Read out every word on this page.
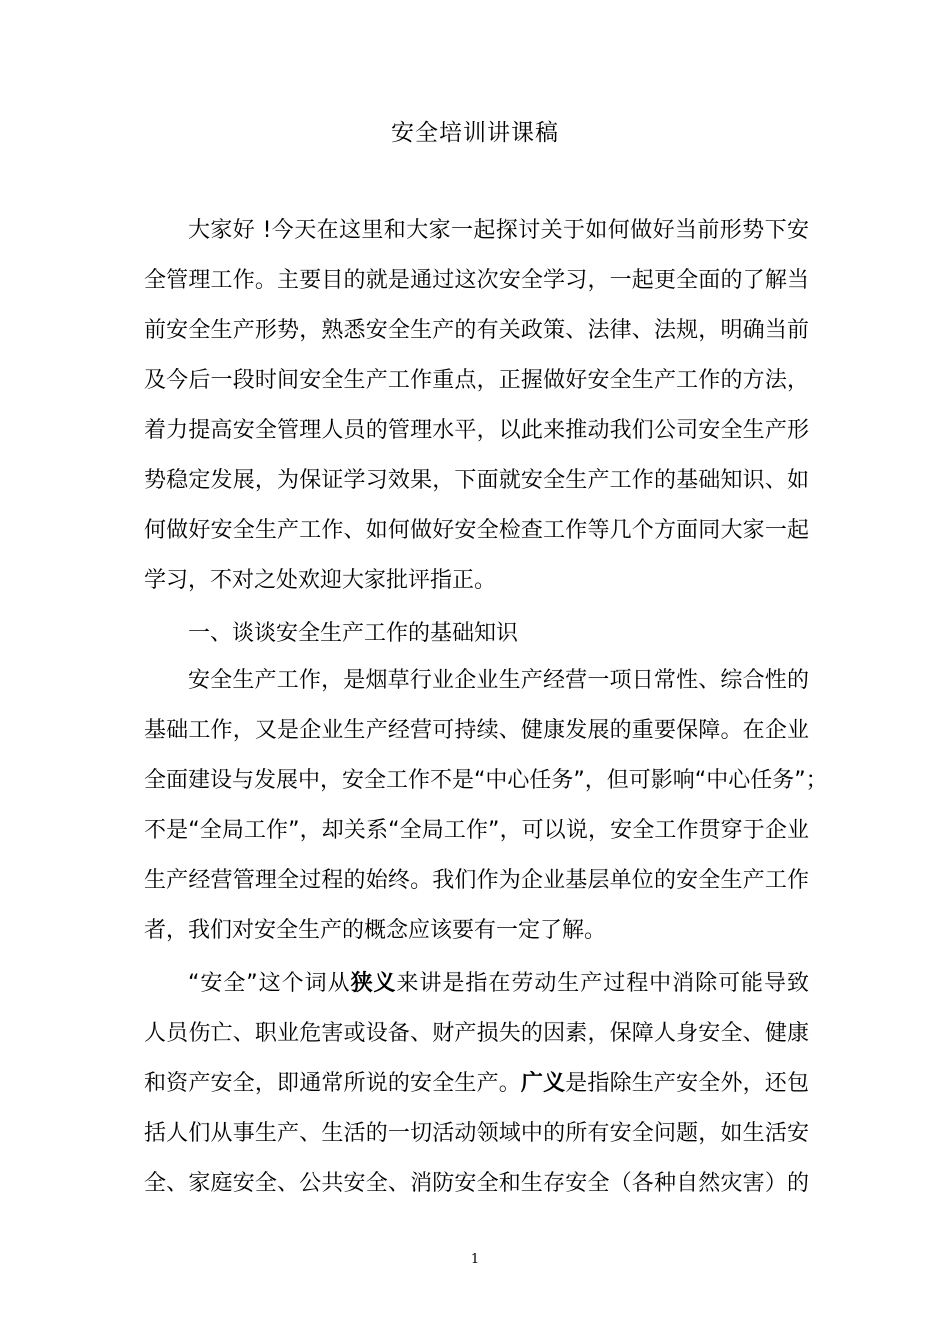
安全培训讲课稿
大家好 !今天在这里和大家一起探讨关于如何做好当前形势下安
全管理工作。主要目的就是通过这次安全学习，一起更全面的了解当
前安全生产形势，熟悉安全生产的有关政策、法律、法规，明确当前
及今后一段时间安全生产工作重点，正握做好安全生产工作的方法，
着力提高安全管理人员的管理水平，以此来推动我们公司安全生产形
势稳定发展，为保证学习效果，下面就安全生产工作的基础知识、如
何做好安全生产工作、如何做好安全检查工作等几个方面同大家一起
学习，不对之处欢迎大家批评指正。
一、谈谈安全生产工作的基础知识
安全生产工作，是烟草行业企业生产经营一项日常性、综合性的
基础工作，又是企业生产经营可持续、健康发展的重要保障。在企业
全面建设与发展中，安全工作不是“中心任务”，但可影响“中心任务”；
不是“全局工作”，却关系“全局工作”，可以说，安全工作贯穿于企业
生产经营管理全过程的始终。我们作为企业基层单位的安全生产工作
者，我们对安全生产的概念应该要有一定了解。
“安全”这个词从狭义来讲是指在劳动生产过程中消除可能导致
人员伤亡、职业危害或设备、财产损失的因素，保障人身安全、健康
和资产安全，即通常所说的安全生产。广义是指除生产安全外，还包
括人们从事生产、生活的一切活动领域中的所有安全问题，如生活安
全、家庭安全、公共安全、消防安全和生存安全（各种自然灾害）的
1
